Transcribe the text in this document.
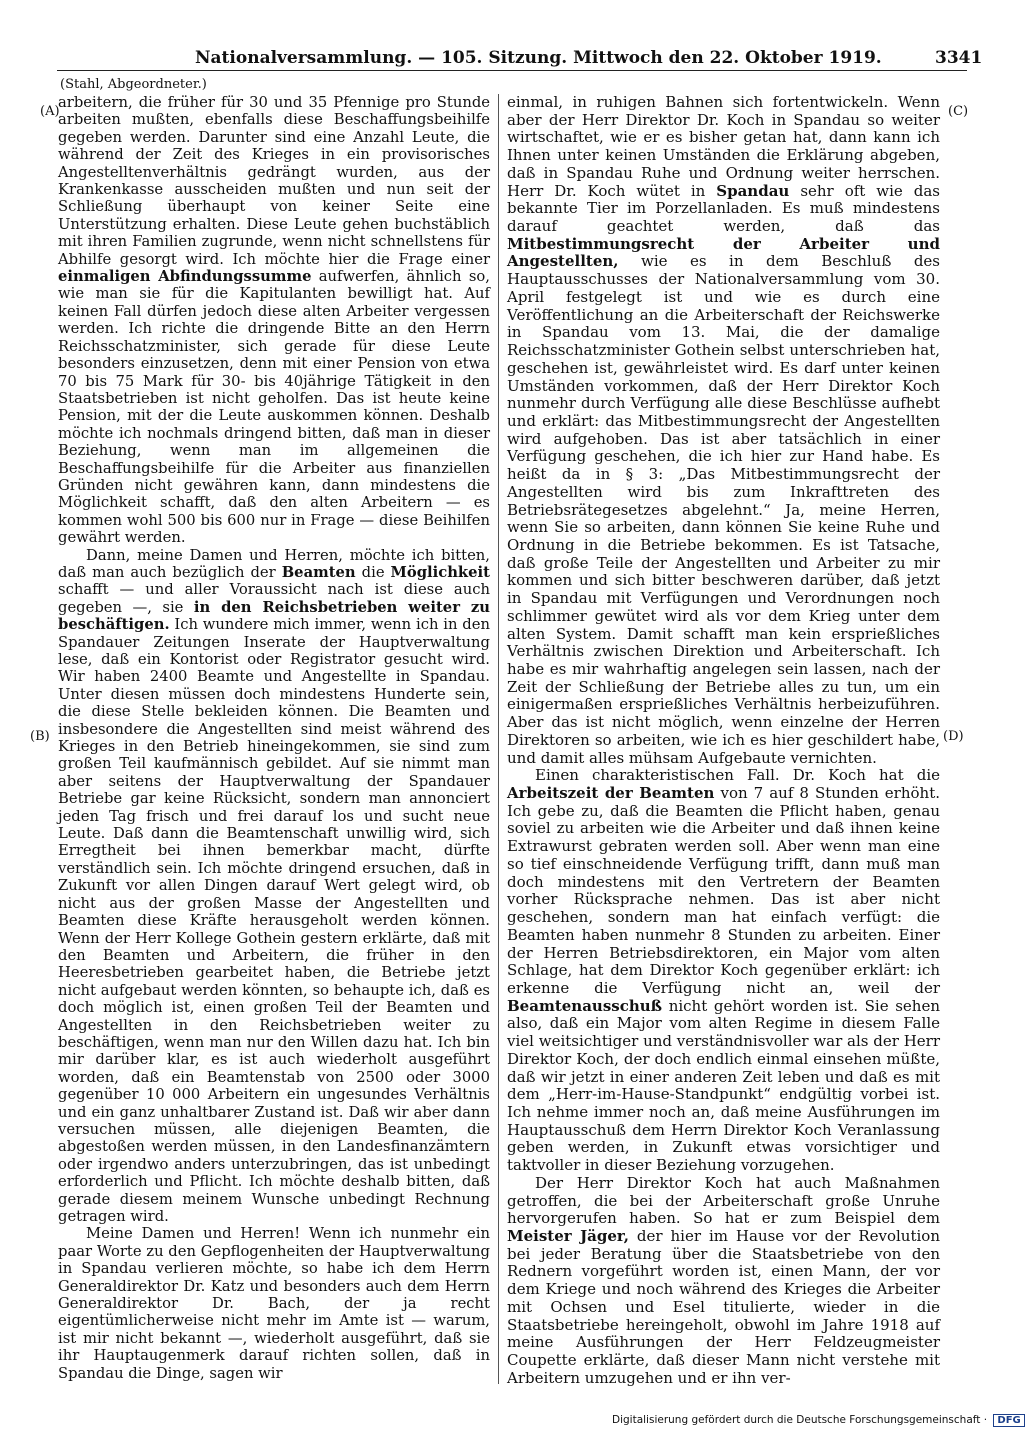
Nationalversammlung. — 105. Sitzung. Mittwoch den 22. Oktober 1919.	3341
(Stahl, Abgeordneter.)
(A)
(B)
(C)
(D)

arbeitern, die früher für 30 und 35 Pfennige pro Stunde arbeiten mußten, ebenfalls diese Beschaffungsbeihilfe gegeben werden. Darunter sind eine Anzahl Leute, die während der Zeit des Krieges in ein provisorisches Angestelltenverhältnis gedrängt wurden, aus der Krankenkasse ausscheiden mußten und nun seit der Schließung überhaupt von keiner Seite eine Unterstützung erhalten. Diese Leute gehen buchstäblich mit ihren Familien zugrunde, wenn nicht schnellstens für Abhilfe gesorgt wird. Ich möchte hier die Frage einer einmaligen Abfindungssumme aufwerfen, ähnlich so, wie man sie für die Kapitulanten bewilligt hat. Auf keinen Fall dürfen jedoch diese alten Arbeiter vergessen werden. Ich richte die dringende Bitte an den Herrn Reichsschatzminister, sich gerade für diese Leute besonders einzusetzen, denn mit einer Pension von etwa 70 bis 75 Mark für 30- bis 40jährige Tätigkeit in den Staatsbetrieben ist nicht geholfen. Das ist heute keine Pension, mit der die Leute auskommen können. Deshalb möchte ich nochmals dringend bitten, daß man in dieser Beziehung, wenn man im allgemeinen die Beschaffungsbeihilfe für die Arbeiter aus finanziellen Gründen nicht gewähren kann, dann mindestens die Möglichkeit schafft, daß den alten Arbeitern — es kommen wohl 500 bis 600 nur in Frage — diese Beihilfen gewährt werden.

Dann, meine Damen und Herren, möchte ich bitten, daß man auch bezüglich der Beamten die Möglichkeit schafft — und aller Voraussicht nach ist diese auch gegeben —, sie in den Reichsbetrieben weiter zu beschäftigen. Ich wundere mich immer, wenn ich in den Spandauer Zeitungen Inserate der Hauptverwaltung lese, daß ein Kontorist oder Registrator gesucht wird. Wir haben 2400 Beamte und Angestellte in Spandau. Unter diesen müssen doch mindestens Hunderte sein, die diese Stelle bekleiden können. Die Beamten und insbesondere die Angestellten sind meist während des Krieges in den Betrieb hineingekommen, sie sind zum großen Teil kaufmännisch gebildet. Auf sie nimmt man aber seitens der Hauptverwaltung der Spandauer Betriebe gar keine Rücksicht, sondern man annonciert jeden Tag frisch und frei darauf los und sucht neue Leute. Daß dann die Beamtenschaft unwillig wird, sich Erregtheit bei ihnen bemerkbar macht, dürfte verständlich sein. Ich möchte dringend ersuchen, daß in Zukunft vor allen Dingen darauf Wert gelegt wird, ob nicht aus der großen Masse der Angestellten und Beamten diese Kräfte herausgeholt werden können. Wenn der Herr Kollege Gothein gestern erklärte, daß mit den Beamten und Arbeitern, die früher in den Heeresbetrieben gearbeitet haben, die Betriebe jetzt nicht aufgebaut werden könnten, so behaupte ich, daß es doch möglich ist, einen großen Teil der Beamten und Angestellten in den Reichsbetrieben weiter zu beschäftigen, wenn man nur den Willen dazu hat. Ich bin mir darüber klar, es ist auch wiederholt ausgeführt worden, daß ein Beamtenstab von 2500 oder 3000 gegenüber 10 000 Arbeitern ein ungesundes Verhältnis und ein ganz unhaltbarer Zustand ist. Daß wir aber dann versuchen müssen, alle diejenigen Beamten, die abgestoßen werden müssen, in den Landesfinanzämtern oder irgendwo anders unterzubringen, das ist unbedingt erforderlich und Pflicht. Ich möchte deshalb bitten, daß gerade diesem meinem Wunsche unbedingt Rechnung getragen wird.

Meine Damen und Herren! Wenn ich nunmehr ein paar Worte zu den Gepflogenheiten der Hauptverwaltung in Spandau verlieren möchte, so habe ich dem Herrn Generaldirektor Dr. Katz und besonders auch dem Herrn Generaldirektor Dr. Bach, der ja recht eigentümlicherweise nicht mehr im Amte ist — warum, ist mir nicht bekannt —, wiederholt ausgeführt, daß sie ihr Hauptaugenmerk darauf richten sollen, daß in Spandau die Dinge, sagen wir

einmal, in ruhigen Bahnen sich fortentwickeln. Wenn aber der Herr Direktor Dr. Koch in Spandau so weiter wirtschaftet, wie er es bisher getan hat, dann kann ich Ihnen unter keinen Umständen die Erklärung abgeben, daß in Spandau Ruhe und Ordnung weiter herrschen. Herr Dr. Koch wütet in Spandau sehr oft wie das bekannte Tier im Porzellanladen. Es muß mindestens darauf geachtet werden, daß das Mitbestimmungsrecht der Arbeiter und Angestellten, wie es in dem Beschluß des Hauptausschusses der Nationalversammlung vom 30. April festgelegt ist und wie es durch eine Veröffentlichung an die Arbeiterschaft der Reichswerke in Spandau vom 13. Mai, die der damalige Reichsschatzminister Gothein selbst unterschrieben hat, geschehen ist, gewährleistet wird. Es darf unter keinen Umständen vorkommen, daß der Herr Direktor Koch nunmehr durch Verfügung alle diese Beschlüsse aufhebt und erklärt: das Mitbestimmungsrecht der Angestellten wird aufgehoben. Das ist aber tatsächlich in einer Verfügung geschehen, die ich hier zur Hand habe. Es heißt da in § 3: „Das Mitbestimmungsrecht der Angestellten wird bis zum Inkrafttreten des Betriebsrätegesetzes abgelehnt.“ Ja, meine Herren, wenn Sie so arbeiten, dann können Sie keine Ruhe und Ordnung in die Betriebe bekommen. Es ist Tatsache, daß große Teile der Angestellten und Arbeiter zu mir kommen und sich bitter beschweren darüber, daß jetzt in Spandau mit Verfügungen und Verordnungen noch schlimmer gewütet wird als vor dem Krieg unter dem alten System. Damit schafft man kein ersprießliches Verhältnis zwischen Direktion und Arbeiterschaft. Ich habe es mir wahrhaftig angelegen sein lassen, nach der Zeit der Schließung der Betriebe alles zu tun, um ein einigermaßen ersprießliches Verhältnis herbeizuführen. Aber das ist nicht möglich, wenn einzelne der Herren Direktoren so arbeiten, wie ich es hier geschildert habe, und damit alles mühsam Aufgebaute vernichten.

Einen charakteristischen Fall. Dr. Koch hat die Arbeitszeit der Beamten von 7 auf 8 Stunden erhöht. Ich gebe zu, daß die Beamten die Pflicht haben, genau soviel zu arbeiten wie die Arbeiter und daß ihnen keine Extrawurst gebraten werden soll. Aber wenn man eine so tief einschneidende Verfügung trifft, dann muß man doch mindestens mit den Vertretern der Beamten vorher Rücksprache nehmen. Das ist aber nicht geschehen, sondern man hat einfach verfügt: die Beamten haben nunmehr 8 Stunden zu arbeiten. Einer der Herren Betriebsdirektoren, ein Major vom alten Schlage, hat dem Direktor Koch gegenüber erklärt: ich erkenne die Verfügung nicht an, weil der Beamtenausschuß nicht gehört worden ist. Sie sehen also, daß ein Major vom alten Regime in diesem Falle viel weitsichtiger und verständnisvoller war als der Herr Direktor Koch, der doch endlich einmal einsehen müßte, daß wir jetzt in einer anderen Zeit leben und daß es mit dem „Herr-im-Hause-Standpunkt“ endgültig vorbei ist. Ich nehme immer noch an, daß meine Ausführungen im Hauptausschuß dem Herrn Direktor Koch Veranlassung geben werden, in Zukunft etwas vorsichtiger und taktvoller in dieser Beziehung vorzugehen.

Der Herr Direktor Koch hat auch Maßnahmen getroffen, die bei der Arbeiterschaft große Unruhe hervorgerufen haben. So hat er zum Beispiel dem Meister Jäger, der hier im Hause vor der Revolution bei jeder Beratung über die Staatsbetriebe von den Rednern vorgeführt worden ist, einen Mann, der vor dem Kriege und noch während des Krieges die Arbeiter mit Ochsen und Esel titulierte, wieder in die Staatsbetriebe hereingeholt, obwohl im Jahre 1918 auf meine Ausführungen der Herr Feldzeugmeister Coupette erklärte, daß dieser Mann nicht verstehe mit Arbeitern umzugehen und er ihn ver-

Digitalisierung gefördert durch die Deutsche Forschungsgemeinschaft · DFG
